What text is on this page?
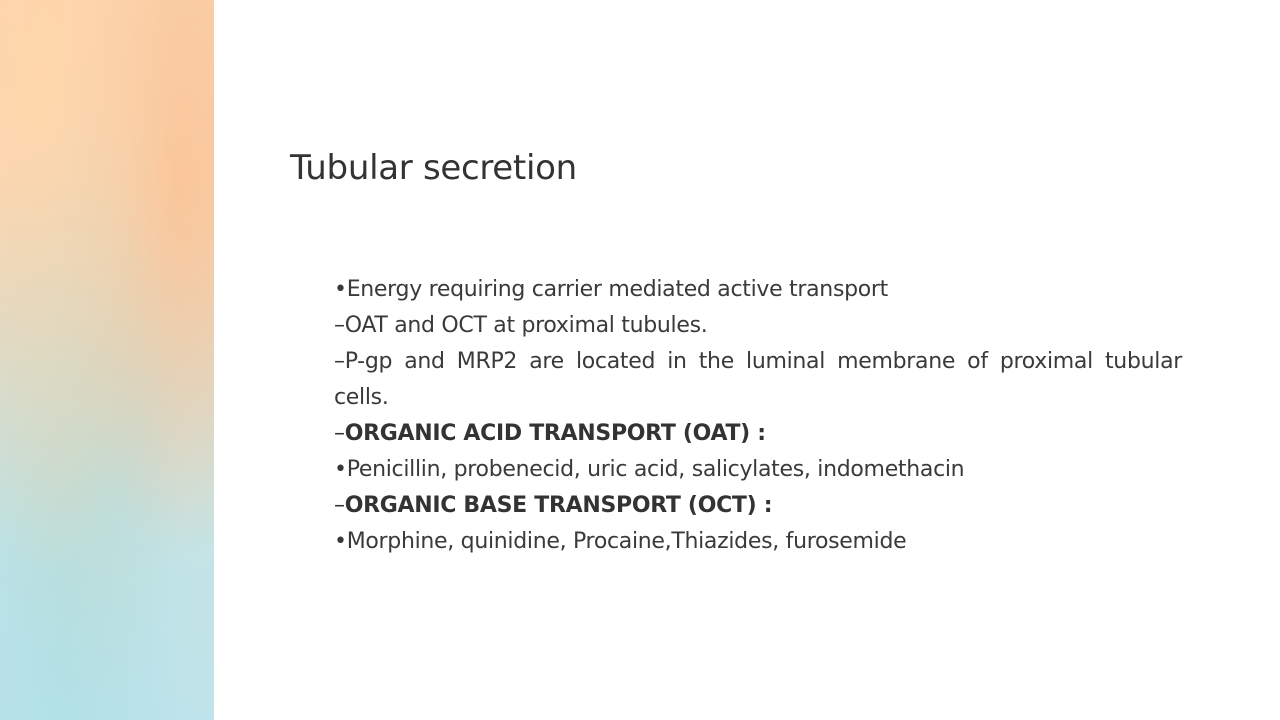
Tubular secretion
•Energy requiring carrier mediated active transport
–OAT and OCT at proximal tubules.
–P-gp and MRP2 are located in the luminal membrane of proximal tubular cells.
–ORGANIC ACID TRANSPORT (OAT) :
•Penicillin, probenecid, uric acid, salicylates, indomethacin
–ORGANIC BASE TRANSPORT (OCT) :
•Morphine, quinidine, Procaine,Thiazides, furosemide
